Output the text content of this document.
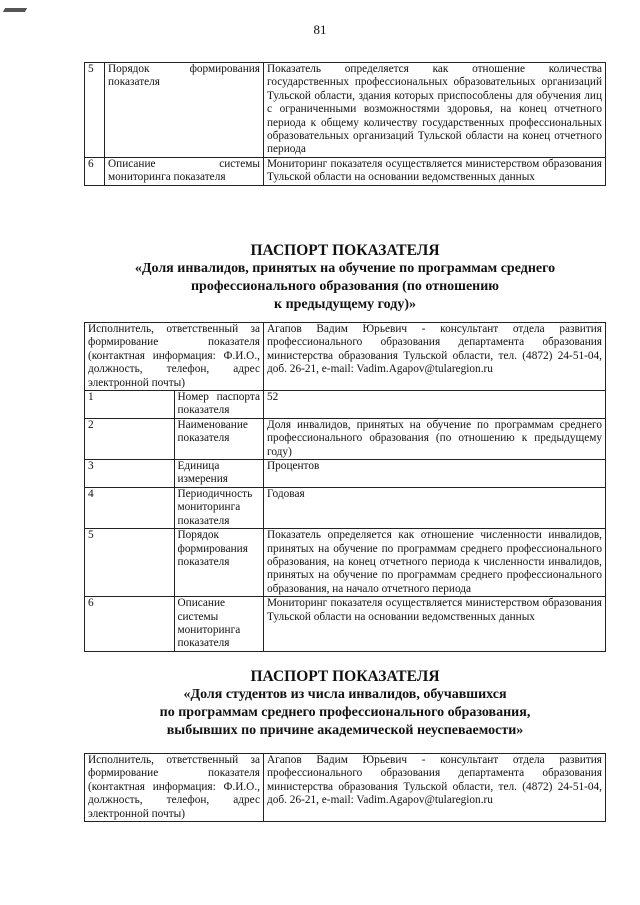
81
5	Порядок формирования показателя	Показатель определяется как отношение количества государственных профессиональных образовательных организаций Тульской области, здания которых приспособлены для обучения лиц с ограниченными возможностями здоровья, на конец отчетного периода к общему количеству государственных профессиональных образовательных организаций Тульской области на конец отчетного периода
6	Описание системы мониторинга показателя	Мониторинг показателя осуществляется министерством образования Тульской области на основании ведомственных данных
ПАСПОРТ ПОКАЗАТЕЛЯ
«Доля инвалидов, принятых на обучение по программам среднего
профессионального образования (по отношению
к предыдущему году)»
Исполнитель, ответственный за формирование показателя (контактная информация: Ф.И.О., должность, телефон, адрес электронной почты)		Агапов Вадим Юрьевич - консультант отдела развития профессионального образования департамента образования министерства образования Тульской области, тел. (4872) 24-51-04, доб. 26-21, e-mail: Vadim.Agapov@tularegion.ru
1	Номер паспорта показателя	52
2	Наименование показателя	Доля инвалидов, принятых на обучение по программам среднего профессионального образования (по отношению к предыдущему году)
3	Единица измерения	Процентов
4	Периодичность мониторинга показателя	Годовая
5	Порядок формирования показателя	Показатель определяется как отношение численности инвалидов, принятых на обучение по программам среднего профессионального образования, на конец отчетного периода к численности инвалидов, принятых на обучение по программам среднего профессионального образования, на начало отчетного периода
6	Описание системы мониторинга показателя	Мониторинг показателя осуществляется министерством образования Тульской области на основании ведомственных данных
ПАСПОРТ ПОКАЗАТЕЛЯ
«Доля студентов из числа инвалидов, обучавшихся
по программам среднего профессионального образования,
выбывших по причине академической неуспеваемости»
Исполнитель, ответственный за формирование показателя (контактная информация: Ф.И.О., должность, телефон, адрес электронной почты)	Агапов Вадим Юрьевич - консультант отдела развития профессионального образования департамента образования министерства образования Тульской области, тел. (4872) 24-51-04, доб. 26-21, e-mail: Vadim.Agapov@tularegion.ru
